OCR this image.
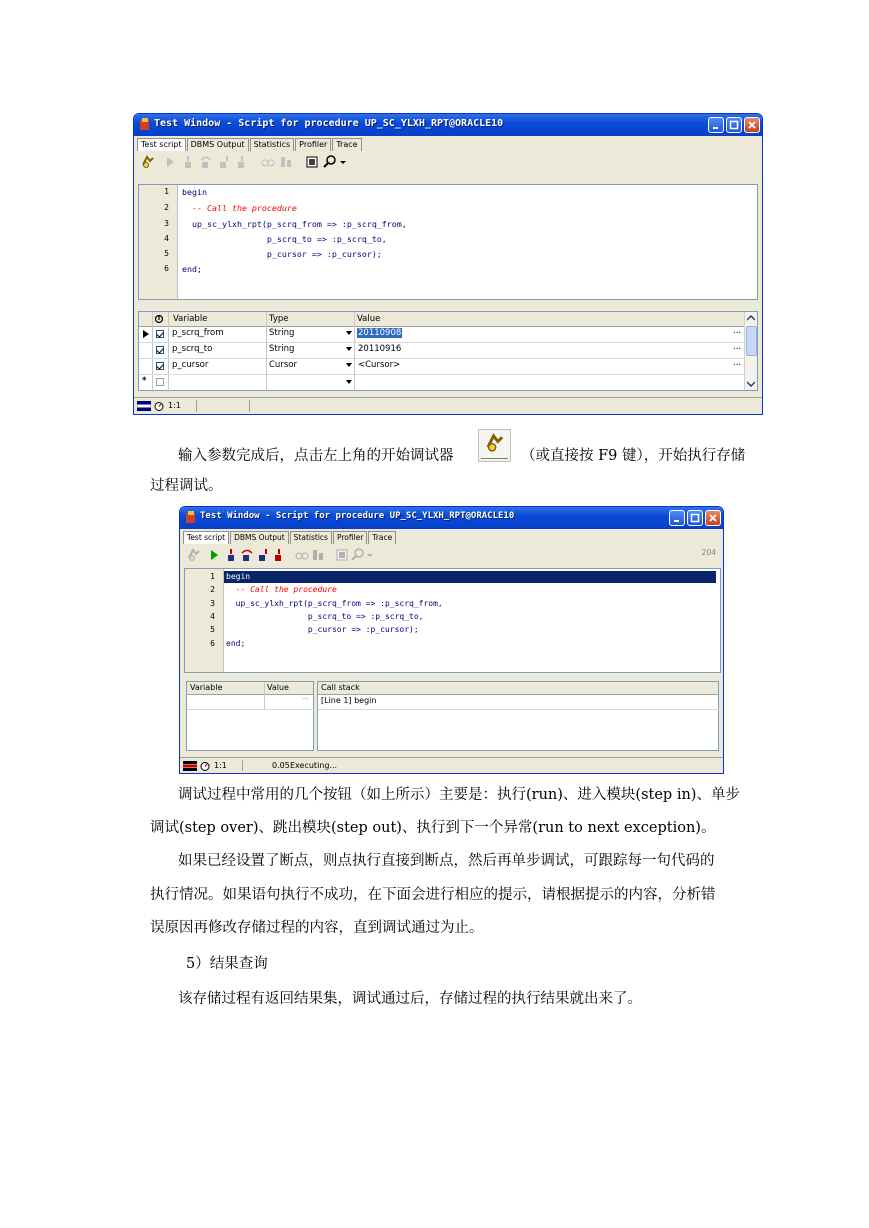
Test Window - Script for procedure UP_SC_YLXH_RPT@ORACLE10
Test script	DBMS Output	Statistics	Profiler	Trace
1
2
3
4
5
6
begin
-- Call the procedure
up_sc_ylxh_rpt(p_scrq_from => :p_scrq_from,
p_scrq_to => :p_scrq_to,
p_cursor => :p_cursor);
end;
Variable	Type	Value
p_scrq_from	String	20110908	...
p_scrq_to	String	20110916	...
p_cursor	Cursor	<Cursor>	...
*
1:1
输入参数完成后，点击左上角的开始调试器	（或直接按 F9 键），开始执行存储
过程调试。
Test Window - Script for procedure UP_SC_YLXH_RPT@ORACLE10
Test script	DBMS Output	Statistics	Profiler	Trace
204
1
2
3
4
5
6
begin
-- Call the procedure
up_sc_ylxh_rpt(p_scrq_from => :p_scrq_from,
p_scrq_to => :p_scrq_to,
p_cursor => :p_cursor);
end;
Variable	Value
...
Call stack
[Line 1] begin
1:1	0.05 Executing...
调试过程中常用的几个按钮（如上所示）主要是：执行(run)、进入模块(step in)、单步
调试(step over)、跳出模块(step out)、执行到下一个异常(run to next exception)。
如果已经设置了断点，则点执行直接到断点，然后再单步调试，可跟踪每一句代码的
执行情况。如果语句执行不成功，在下面会进行相应的提示，请根据提示的内容，分析错
误原因再修改存储过程的内容，直到调试通过为止。
5）结果查询
该存储过程有返回结果集，调试通过后，存储过程的执行结果就出来了。
